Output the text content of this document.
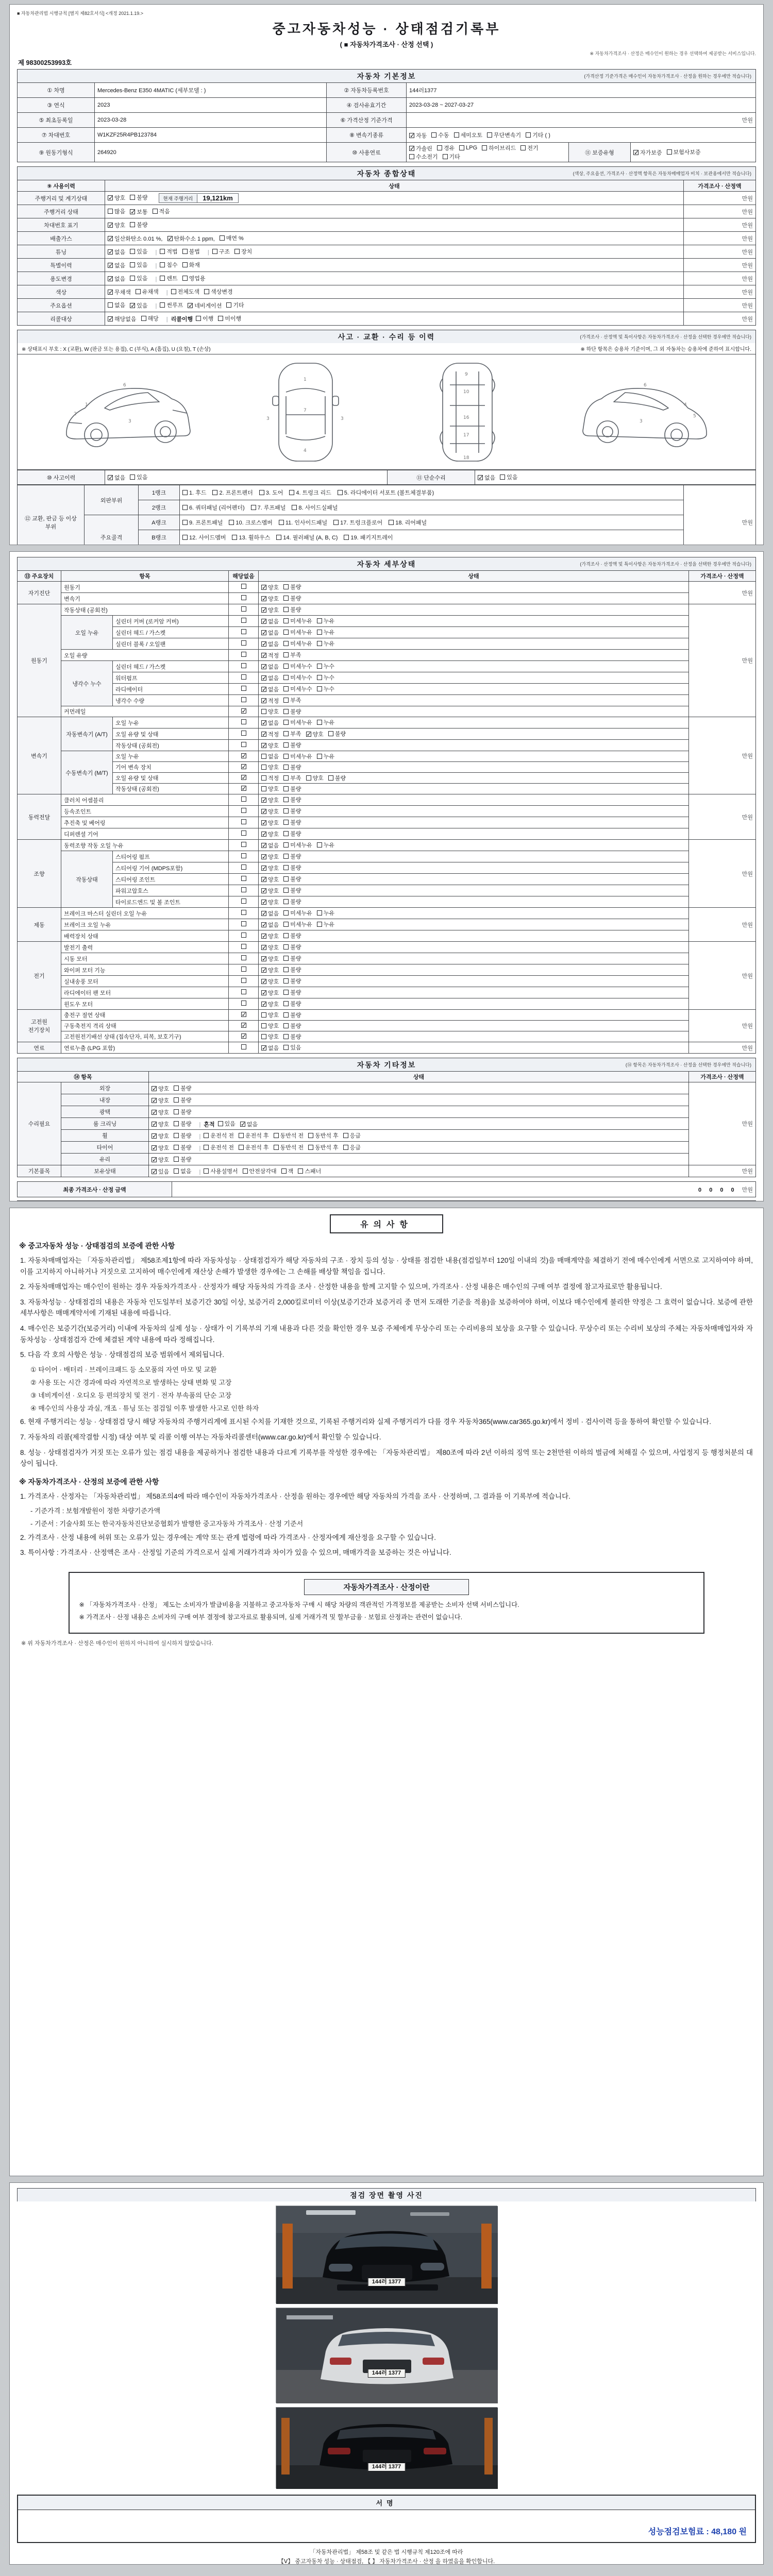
■ 자동차관리법 시행규칙 [별지 제82호서식] <개정 2021.1.19.>
중고자동차성능 · 상태점검기록부
( ■ 자동차가격조사 · 산정 선택 )
※ 자동차가격조사 · 산정은 매수인이 원하는 경우 선택하여 제공받는 서비스입니다.
제 98300253993호
자동차 기본정보	(가격산정 기준가격은 매수인이 자동차가격조사 · 산정을 원하는 경우에만 적습니다)
① 차명	Mercedes-Benz E350 4MATIC (세부모델 : )	② 자동차등록번호	144러1377		
③ 연식	2023	④ 검사유효기간	2023-03-28 ~ 2027-03-27		
⑤ 최초등록일	2023-03-28	⑥ 가격산정 기준가격	만원		
⑦ 차대번호	W1KZF25R4PB123784	⑧ 변속기종류	✓ 자동 수동 세미오토 무단변속기 기타 ( )

⑨ 원동기형식	264920	⑩ 사용연료	
✓ 가솔린 경유 LPG 하이브리드 전기
수소전기 기타
	⑪ 보증유형	✓ 자가보증 보험사보증
자동차 종합상태	(색상, 주요옵션, 가격조사 · 산정액 항목은 자동차매매업자 비치 · 보관용에서만 적습니다)
⑨ 사용이력	상태	가격조사 · 산정액
주행거리 및 계기상태	✓ 양호 불량 현재 주행거리 19,121km	만원
주행거리 상태	많음 ✓ 보통 적음	만원
차대번호 표기	✓ 양호 불량	만원
배출가스	✓ 일산화탄소 0.01 %, ✓ 탄화수소 1 ppm, 매연 %	만원
튜닝	✓ 없음 있음 | 적법 불법 | 구조 장치	만원
특별이력	✓ 없음 있음 | 침수 화재	만원
용도변경	✓ 없음 있음 | 렌트 영업용	만원
색상	✓ 무채색 유채색 | 전체도색 색상변경	만원
주요옵션	없음 ✓ 있음 | 썬루프 ✓ 네비게이션 기타	만원
리콜대상	✓ 해당없음 해당 | 리콜이행 이행 미이행	만원
사고 · 교환 · 수리 등 이력	(가격조사 · 산정액 및 특이사항은 자동차가격조사 · 산정을 선택한 경우에만 적습니다)
※ 상태표시 부호 : X (교환), W (판금 또는 용접), C (부식), A (흠집), U (요철), T (손상)	※ 하단 항목은 승용차 기준이며, 그 외 자동차는 승용차에 준하여 표시합니다.
6
1
2
3
1
7
4
3	3
9
10
16
17
18
6
4
5
3
⑩ 사고이력	✓ 없음 있음	⑪ 단순수리	✓ 없음 있음
⑫ 교환, 판금 등 이상 부위	외판부위	1랭크	1. 후드 2. 프론트펜더 3. 도어 4. 트렁크 리드 5. 라디에이터 서포트 (볼트체결부품)	만원
		2랭크	6. 쿼터패널 (리어펜더) 7. 루프패널 8. 사이드실패널	

	주요골격	A랭크	9. 프론트패널 10. 크로스멤버 11. 인사이드패널 17. 트렁크플로어 18. 리어패널	

		B랭크	12. 사이드멤버 13. 휠하우스 14. 필러패널 (A, B, C) 19. 패키지트레이	

자동차 세부상태	(가격조사 · 산정액 및 특이사항은 자동차가격조사 · 산정을 선택한 경우에만 적습니다)
⑬ 주요장치	항목		해당없음	상태	가격조사 · 산정액
자기진단	원동기			✓ 양호 불량	만원
	변속기			✓ 양호 불량	

원동기	작동상태 (공회전)			✓ 양호 불량	만원
	오일 누유	실린더 커버 (로커암 커버)		✓ 없음 미세누유 누유	

		실린더 헤드 / 가스켓		✓ 없음 미세누유 누유	

		실린더 블록 / 오일팬		✓ 없음 미세누유 누유	

	오일 유량			✓ 적정 부족	

	냉각수 누수	실린더 헤드 / 가스켓		✓ 없음 미세누수 누수	

		워터펌프		✓ 없음 미세누수 누수	

		라디에이터		✓ 없음 미세누수 누수	

		냉각수 수량		✓ 적정 부족	

	커먼레일		✓	양호 불량	

변속기	자동변속기 (A/T)	오일 누유		✓ 없음 미세누유 누유	만원
오일 유량 및 상태		✓ 적정 부족 ✓ 양호 불량

		작동상태 (공회전)		✓ 양호 불량	

	수동변속기 (M/T)	오일 누유	✓	없음 미세누유 누유	

		기어 변속 장치	✓	양호 불량	

		오일 유량 및 상태	✓	적정 부족 양호 불량	

		작동상태 (공회전)	✓	양호 불량	

동력전달	클러치 어셈블리			✓ 양호 불량	만원
	등속조인트			✓ 양호 불량	

	추진축 및 베어링			✓ 양호 불량	

	디퍼렌셜 기어			✓ 양호 불량	

조향	동력조향 작동 오일 누유			✓ 없음 미세누유 누유	만원
	작동상태	스티어링 펌프		✓ 양호 불량	

		스티어링 기어 (MDPS포함)		✓ 양호 불량	

		스티어링 조인트		✓ 양호 불량	

		파워고압호스		✓ 양호 불량	

		타이로드엔드 및 볼 조인트		✓ 양호 불량	

제동	브레이크 마스터 실린더 오일 누유			✓ 없음 미세누유 누유	만원
	브레이크 오일 누유			✓ 없음 미세누유 누유	

	배력장치 상태			✓ 양호 불량	

전기	발전기 출력			✓ 양호 불량	만원
	시동 모터			✓ 양호 불량	

	와이퍼 모터 기능			✓ 양호 불량	

	실내송풍 모터			✓ 양호 불량	

	라디에이터 팬 모터			✓ 양호 불량	

	윈도우 모터			✓ 양호 불량	

고전원 전기장치	충전구 절연 상태		✓	양호 불량	만원
	구동축전지 격리 상태		✓	양호 불량	

	고전원전기배선 상태 (접속단자, 피복, 보호기구)		✓	양호 불량	

연료	연료누출 (LPG 포함)			✓ 없음 있음	만원
자동차 기타정보	(⑭ 항목은 자동차가격조사 · 산정을 선택한 경우에만 적습니다)
⑭ 항목		상태	가격조사 · 산정액
수리필요	외장	✓ 양호 불량	만원
	내장	✓ 양호 불량	

	광택	✓ 양호 불량	

룸 크리닝	✓ 양호 불량 | 흔적 있음 ✓ 없음

휠	✓ 양호 불량 | 운전석 전 운전석 후 동반석 전 동반석 후 응급

타이어	✓ 양호 불량 | 운전석 전 운전석 후 동반석 전 동반석 후 응급

	유리	✓ 양호 불량	

기본품목	보유상태	✓ 있음 없음 | 사용설명서 안전삼각대 잭 스패너	만원
최종 가격조사 · 산정 금액	0 0 0 0 만원

유의사항
※ 중고자동차 성능 · 상태점검의 보증에 관한 사항
1. 자동차매매업자는 「자동차관리법」 제58조제1항에 따라 자동차성능 · 상태점검자가 해당 자동차의 구조 · 장치 등의 성능 · 상태를 점검한 내용(점검일부터 120일 이내의 것)을 매매계약을 체결하기 전에 매수인에게 서면으로 고지하여야 하며, 이를 고지하지 아니하거나 거짓으로 고지하여 매수인에게 재산상 손해가 발생한 경우에는 그 손해를 배상할 책임을 집니다.
2. 자동차매매업자는 매수인이 원하는 경우 자동차가격조사 · 산정자가 해당 자동차의 가격을 조사 · 산정한 내용을 함께 고지할 수 있으며, 가격조사 · 산정 내용은 매수인의 구매 여부 결정에 참고자료로만 활용됩니다.
3. 자동차성능 · 상태점검의 내용은 자동차 인도일부터 보증기간 30일 이상, 보증거리 2,000킬로미터 이상(보증기간과 보증거리 중 먼저 도래한 기준을 적용)을 보증하여야 하며, 이보다 매수인에게 불리한 약정은 그 효력이 없습니다. 보증에 관한 세부사항은 매매계약서에 기재된 내용에 따릅니다.
4. 매수인은 보증기간(보증거리) 이내에 자동차의 실제 성능 · 상태가 이 기록부의 기재 내용과 다른 것을 확인한 경우 보증 주체에게 무상수리 또는 수리비용의 보상을 요구할 수 있습니다. 무상수리 또는 수리비 보상의 주체는 자동차매매업자와 자동차성능 · 상태점검자 간에 체결된 계약 내용에 따라 정해집니다.
5. 다음 각 호의 사항은 성능 · 상태점검의 보증 범위에서 제외됩니다.
① 타이어 · 배터리 · 브레이크패드 등 소모품의 자연 마모 및 교환
② 사용 또는 시간 경과에 따라 자연적으로 발생하는 상태 변화 및 고장
③ 네비게이션 · 오디오 등 편의장치 및 전기 · 전자 부속품의 단순 고장
④ 매수인의 사용상 과실, 개조 · 튜닝 또는 점검일 이후 발생한 사고로 인한 하자
6. 현재 주행거리는 성능 · 상태점검 당시 해당 자동차의 주행거리계에 표시된 수치를 기재한 것으로, 기록된 주행거리와 실제 주행거리가 다를 경우 자동차365(www.car365.go.kr)에서 정비 · 검사이력 등을 통하여 확인할 수 있습니다.
7. 자동차의 리콜(제작결함 시정) 대상 여부 및 리콜 이행 여부는 자동차리콜센터(www.car.go.kr)에서 확인할 수 있습니다.
8. 성능 · 상태점검자가 거짓 또는 오류가 있는 점검 내용을 제공하거나 점검한 내용과 다르게 기록부를 작성한 경우에는 「자동차관리법」 제80조에 따라 2년 이하의 징역 또는 2천만원 이하의 벌금에 처해질 수 있으며, 사업정지 등 행정처분의 대상이 됩니다.
※ 자동차가격조사 · 산정의 보증에 관한 사항
1. 가격조사 · 산정자는 「자동차관리법」 제58조의4에 따라 매수인이 자동차가격조사 · 산정을 원하는 경우에만 해당 자동차의 가격을 조사 · 산정하며, 그 결과를 이 기록부에 적습니다.
- 기준가격 : 보험개발원이 정한 차량기준가액
- 기준서 : 기술사회 또는 한국자동차진단보증협회가 발행한 중고자동차 가격조사 · 산정 기준서
2. 가격조사 · 산정 내용에 허위 또는 오류가 있는 경우에는 계약 또는 관계 법령에 따라 가격조사 · 산정자에게 재산정을 요구할 수 있습니다.
3. 특이사항 : 가격조사 · 산정액은 조사 · 산정일 기준의 가격으로서 실제 거래가격과 차이가 있을 수 있으며, 매매가격을 보증하는 것은 아닙니다.
자동차가격조사 · 산정이란
※ 「자동차가격조사 · 산정」 제도는 소비자가 발급비용을 지불하고 중고자동차 구매 시 해당 차량의 객관적인 가격정보를 제공받는 소비자 선택 서비스입니다.
※ 가격조사 · 산정 내용은 소비자의 구매 여부 결정에 참고자료로 활용되며, 실제 거래가격 및 할부금융 · 보험료 산정과는 관련이 없습니다.
※ 위 자동차가격조사 · 산정은 매수인이 원하지 아니하여 실시하지 않았습니다.
점검 장면 촬영 사진
144러 1377
144러 1377
144러 1377
서명
성능점검보험료 : 48,180 원
「자동차관리법」 제58조 및 같은 법 시행규칙 제120조에 따라
【Ⅴ】 중고자동차 성능 · 상태점검, 【 】 자동차가격조사 · 산정 을 하였음을 확인합니다.
